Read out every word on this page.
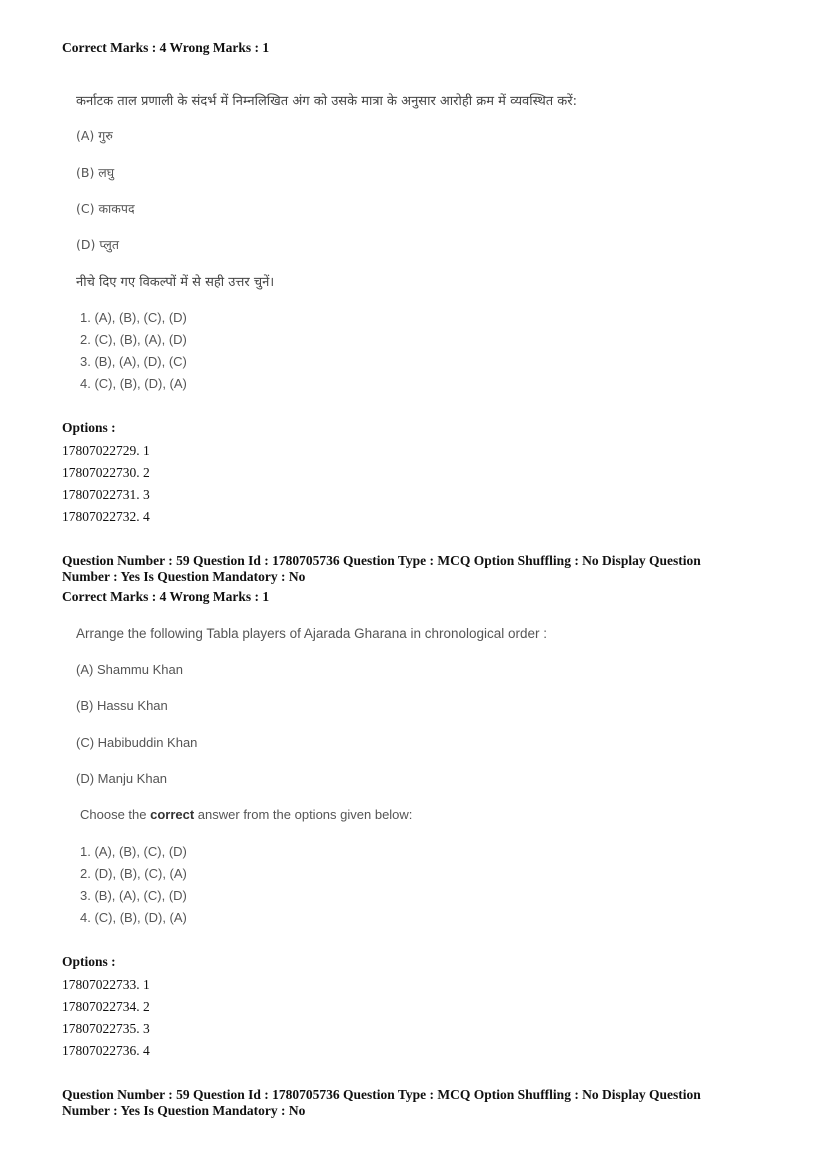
Correct Marks : 4 Wrong Marks : 1
कर्नाटक ताल प्रणाली के संदर्भ में निम्नलिखित अंग को उसके मात्रा के अनुसार आरोही क्रम में व्यवस्थित करें:
(A) गुरु
(B) लघु
(C) काकपद
(D) प्लुत
नीचे दिए गए विकल्पों में से सही उत्तर चुनें।
1. (A), (B), (C), (D)
2. (C), (B), (A), (D)
3. (B), (A), (D), (C)
4. (C), (B), (D), (A)
Options :
17807022729. 1
17807022730. 2
17807022731. 3
17807022732. 4
Question Number : 59 Question Id : 1780705736 Question Type : MCQ Option Shuffling : No Display Question
Number : Yes Is Question Mandatory : No
Correct Marks : 4 Wrong Marks : 1
Arrange the following Tabla players of Ajarada Gharana in chronological order :
(A) Shammu Khan
(B) Hassu Khan
(C) Habibuddin Khan
(D) Manju Khan
Choose the correct answer from the options given below:
1. (A), (B), (C), (D)
2. (D), (B), (C), (A)
3. (B), (A), (C), (D)
4. (C), (B), (D), (A)
Options :
17807022733. 1
17807022734. 2
17807022735. 3
17807022736. 4
Question Number : 59 Question Id : 1780705736 Question Type : MCQ Option Shuffling : No Display Question
Number : Yes Is Question Mandatory : No
